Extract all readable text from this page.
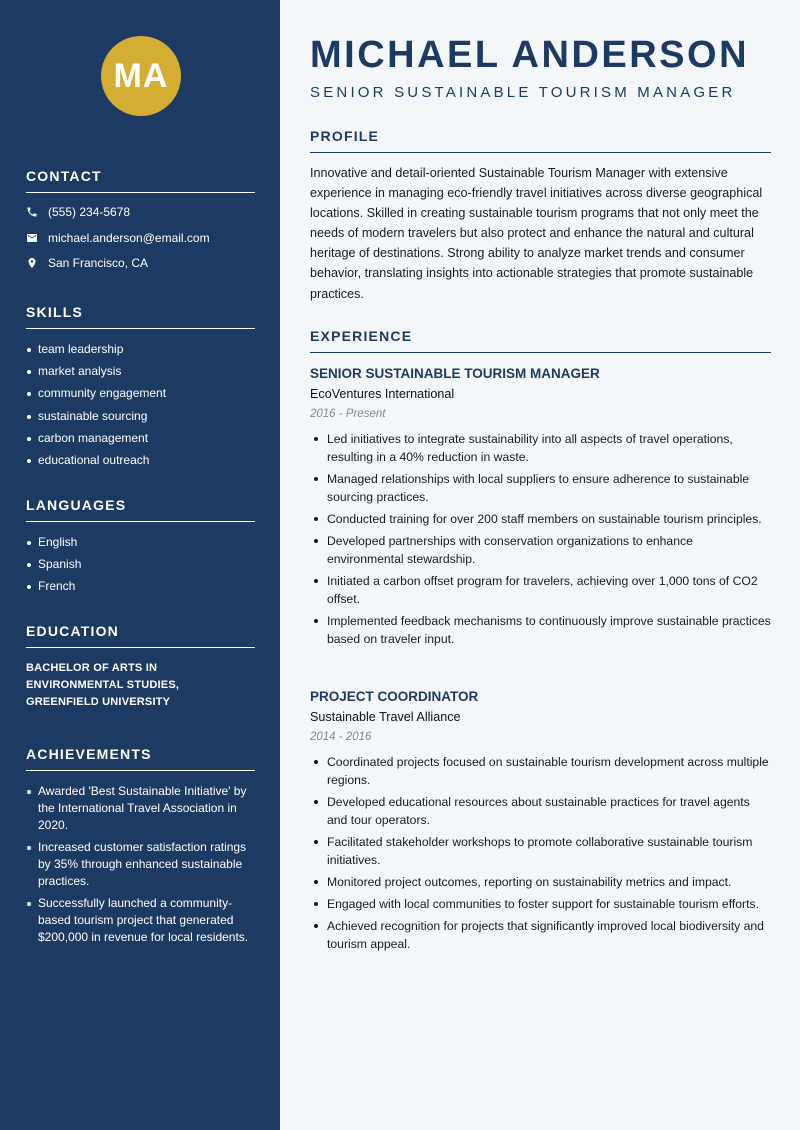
MA
CONTACT
(555) 234-5678
michael.anderson@email.com
San Francisco, CA
SKILLS
team leadership
market analysis
community engagement
sustainable sourcing
carbon management
educational outreach
LANGUAGES
English
Spanish
French
EDUCATION
BACHELOR OF ARTS IN ENVIRONMENTAL STUDIES, GREENFIELD UNIVERSITY
ACHIEVEMENTS
Awarded 'Best Sustainable Initiative' by the International Travel Association in 2020.
Increased customer satisfaction ratings by 35% through enhanced sustainable practices.
Successfully launched a community-based tourism project that generated $200,000 in revenue for local residents.
MICHAEL ANDERSON
SENIOR SUSTAINABLE TOURISM MANAGER
PROFILE
Innovative and detail-oriented Sustainable Tourism Manager with extensive experience in managing eco-friendly travel initiatives across diverse geographical locations. Skilled in creating sustainable tourism programs that not only meet the needs of modern travelers but also protect and enhance the natural and cultural heritage of destinations. Strong ability to analyze market trends and consumer behavior, translating insights into actionable strategies that promote sustainable practices.
EXPERIENCE
SENIOR SUSTAINABLE TOURISM MANAGER
EcoVentures International
2016 - Present
Led initiatives to integrate sustainability into all aspects of travel operations, resulting in a 40% reduction in waste.
Managed relationships with local suppliers to ensure adherence to sustainable sourcing practices.
Conducted training for over 200 staff members on sustainable tourism principles.
Developed partnerships with conservation organizations to enhance environmental stewardship.
Initiated a carbon offset program for travelers, achieving over 1,000 tons of CO2 offset.
Implemented feedback mechanisms to continuously improve sustainable practices based on traveler input.
PROJECT COORDINATOR
Sustainable Travel Alliance
2014 - 2016
Coordinated projects focused on sustainable tourism development across multiple regions.
Developed educational resources about sustainable practices for travel agents and tour operators.
Facilitated stakeholder workshops to promote collaborative sustainable tourism initiatives.
Monitored project outcomes, reporting on sustainability metrics and impact.
Engaged with local communities to foster support for sustainable tourism efforts.
Achieved recognition for projects that significantly improved local biodiversity and tourism appeal.
